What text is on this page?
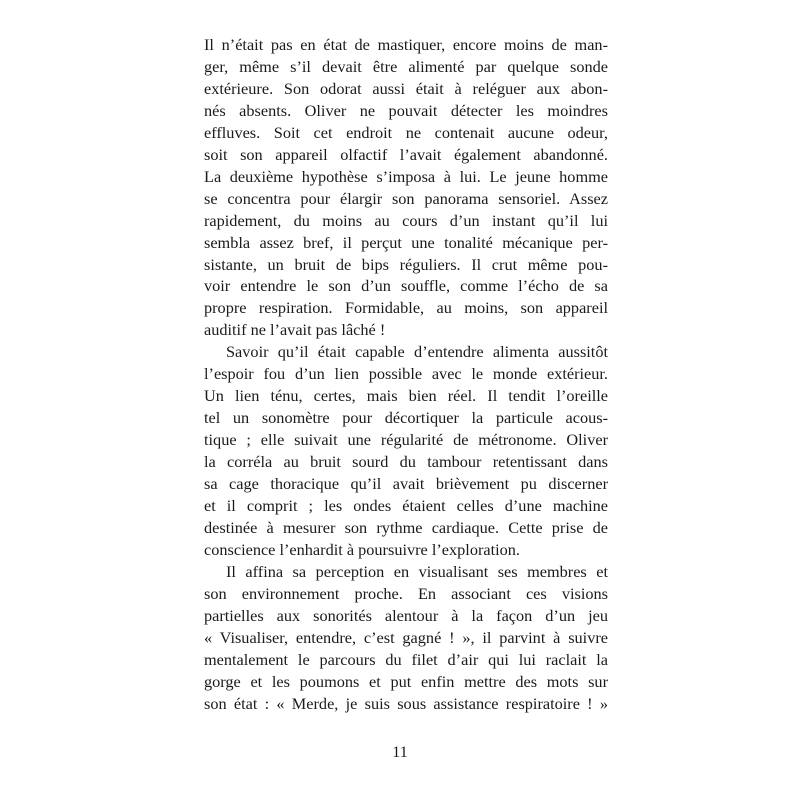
Il n’était pas en état de mastiquer, encore moins de man-
ger, même s’il devait être alimenté par quelque sonde
extérieure. Son odorat aussi était à reléguer aux abon-
nés absents. Oliver ne pouvait détecter les moindres
effluves. Soit cet endroit ne contenait aucune odeur,
soit son appareil olfactif l’avait également abandonné.
La deuxième hypothèse s’imposa à lui. Le jeune homme
se concentra pour élargir son panorama sensoriel. Assez
rapidement, du moins au cours d’un instant qu’il lui
sembla assez bref, il perçut une tonalité mécanique per-
sistante, un bruit de bips réguliers. Il crut même pou-
voir entendre le son d’un souffle, comme l’écho de sa
propre respiration. Formidable, au moins, son appareil
auditif ne l’avait pas lâché !

Savoir qu’il était capable d’entendre alimenta aussitôt
l’espoir fou d’un lien possible avec le monde extérieur.
Un lien ténu, certes, mais bien réel. Il tendit l’oreille
tel un sonomètre pour décortiquer la particule acous-
tique ; elle suivait une régularité de métronome. Oliver
la corréla au bruit sourd du tambour retentissant dans
sa cage thoracique qu’il avait brièvement pu discerner
et il comprit ; les ondes étaient celles d’une machine
destinée à mesurer son rythme cardiaque. Cette prise de
conscience l’enhardit à poursuivre l’exploration.

Il affina sa perception en visualisant ses membres et
son environnement proche. En associant ces visions
partielles aux sonorités alentour à la façon d’un jeu
« Visualiser, entendre, c’est gagné ! », il parvint à suivre
mentalement le parcours du filet d’air qui lui raclait la
gorge et les poumons et put enfin mettre des mots sur
son état : « Merde, je suis sous assistance respiratoire ! »

11
